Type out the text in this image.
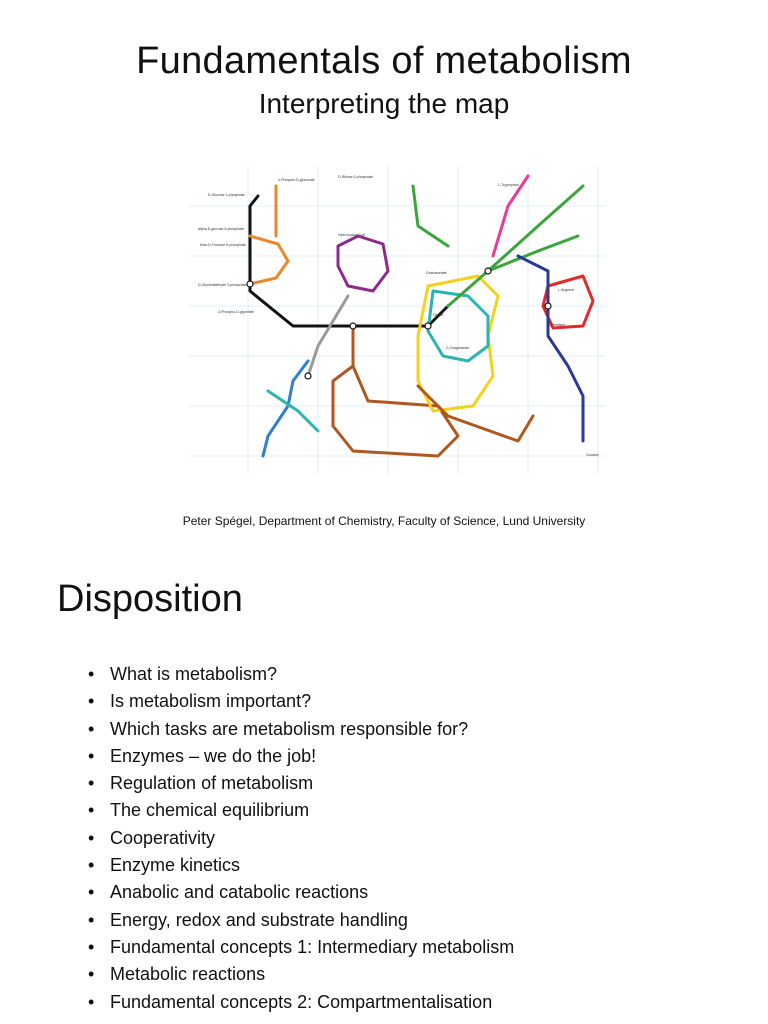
Fundamentals of metabolism
Interpreting the map
4-Phospho-D-gluconate
D-Ribose 5-phosphate
D-Glucose 1-phosphate
alpha-D-glucose 6-phosphate
beta-D-Fructose 6-phosphate
D-Glyceraldehyde 3-phosphate
3-Phospho-D-glycerate
Hydroxyacyl-CoA
Oxaloacetate
Citrate
2-Oxoglutarate
L-Tryptophan
L-Arginine
L-Ornithine
Cocaine
Peter Spégel, Department of Chemistry, Faculty of Science, Lund University
Disposition
• What is metabolism?
• Is metabolism important?
• Which tasks are metabolism responsible for?
• Enzymes – we do the job!
• Regulation of metabolism
• The chemical equilibrium
• Cooperativity
• Enzyme kinetics
• Anabolic and catabolic reactions
• Energy, redox and substrate handling
• Fundamental concepts 1: Intermediary metabolism
• Metabolic reactions
• Fundamental concepts 2: Compartmentalisation
